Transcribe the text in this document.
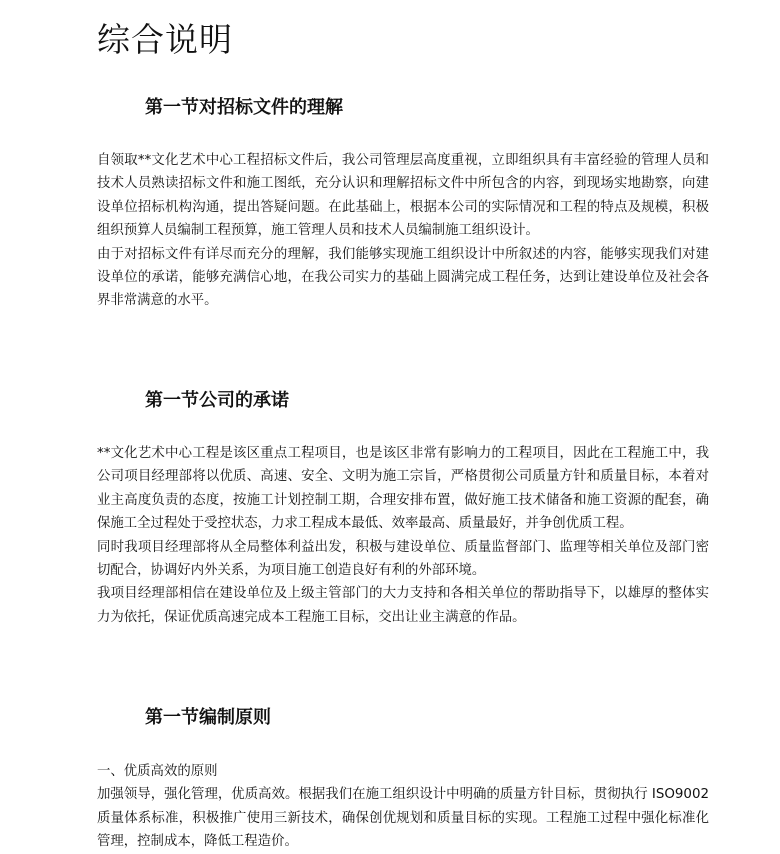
综合说明
第一节对招标文件的理解

自领取**文化艺术中心工程招标文件后，我公司管理层高度重视，立即组织具有丰富经验的管理人员和技术人员熟读招标文件和施工图纸，充分认识和理解招标文件中所包含的内容，到现场实地勘察，向建设单位招标机构沟通，提出答疑问题。在此基础上，根据本公司的实际情况和工程的特点及规模，积极组织预算人员编制工程预算，施工管理人员和技术人员编制施工组织设计。

由于对招标文件有详尽而充分的理解，我们能够实现施工组织设计中所叙述的内容，能够实现我们对建设单位的承诺，能够充满信心地，在我公司实力的基础上圆满完成工程任务，达到让建设单位及社会各界非常满意的水平。

第一节公司的承诺

**文化艺术中心工程是该区重点工程项目，也是该区非常有影响力的工程项目，因此在工程施工中，我公司项目经理部将以优质、高速、安全、文明为施工宗旨，严格贯彻公司质量方针和质量目标，本着对业主高度负责的态度，按施工计划控制工期，合理安排布置，做好施工技术储备和施工资源的配套，确保施工全过程处于受控状态，力求工程成本最低、效率最高、质量最好，并争创优质工程。

同时我项目经理部将从全局整体利益出发，积极与建设单位、质量监督部门、监理等相关单位及部门密切配合，协调好内外关系，为项目施工创造良好有利的外部环境。

我项目经理部相信在建设单位及上级主管部门的大力支持和各相关单位的帮助指导下，以雄厚的整体实力为依托，保证优质高速完成本工程施工目标，交出让业主满意的作品。

第一节编制原则

一、优质高效的原则

加强领导，强化管理，优质高效。根据我们在施工组织设计中明确的质量方针目标，贯彻执行 ISO9002 质量体系标准，积极推广使用三新技术，确保创优规划和质量目标的实现。工程施工过程中强化标准化管理，控制成本，降低工程造价。
